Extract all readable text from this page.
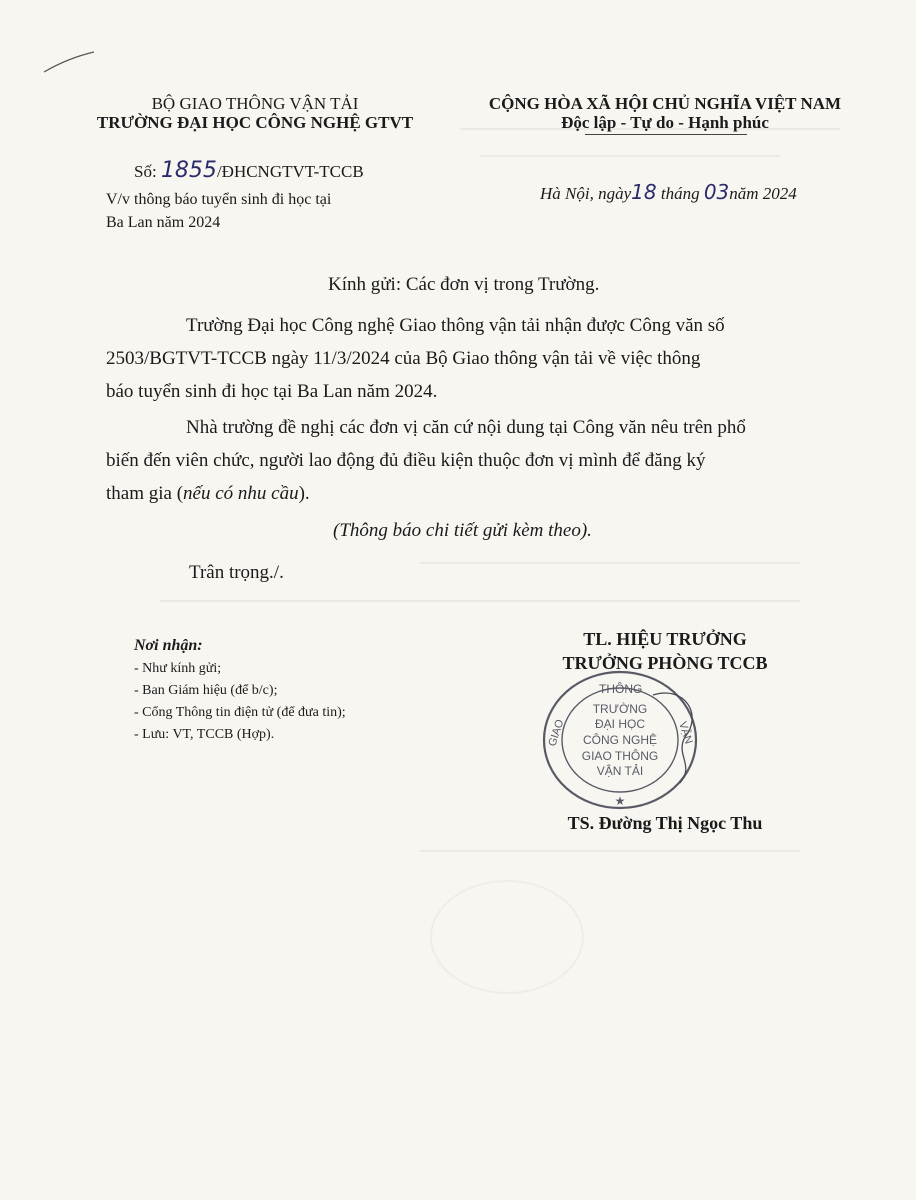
BỘ GIAO THÔNG VẬN TẢI
TRƯỜNG ĐẠI HỌC CÔNG NGHỆ GTVT
CỘNG HÒA XÃ HỘI CHỦ NGHĨA VIỆT NAM
Độc lập - Tự do - Hạnh phúc
Số: 1855/ĐHCNGTVT-TCCB
V/v thông báo tuyển sinh đi học tại
Ba Lan năm 2024
Hà Nội, ngày18 tháng 03năm 2024
Kính gửi: Các đơn vị trong Trường.
Trường Đại học Công nghệ Giao thông vận tải nhận được Công văn số
2503/BGTVT-TCCB ngày 11/3/2024 của Bộ Giao thông vận tải về việc thông
báo tuyển sinh đi học tại Ba Lan năm 2024.
Nhà trường đề nghị các đơn vị căn cứ nội dung tại Công văn nêu trên phổ
biến đến viên chức, người lao động đủ điều kiện thuộc đơn vị mình để đăng ký
tham gia (nếu có nhu cầu).
(Thông báo chi tiết gửi kèm theo).
Trân trọng./.
Nơi nhận:
- Như kính gửi;
- Ban Giám hiệu (để b/c);
- Cổng Thông tin điện tử (để đưa tin);
- Lưu: VT, TCCB (Hợp).
TL. HIỆU TRƯỞNG
TRƯỞNG PHÒNG TCCB
THÔNG
GIAO	VẬN
TRƯỜNG
ĐẠI HỌC
CÔNG NGHỆ
GIAO THÔNG
VẬN TẢI
★
TS. Đường Thị Ngọc Thu
